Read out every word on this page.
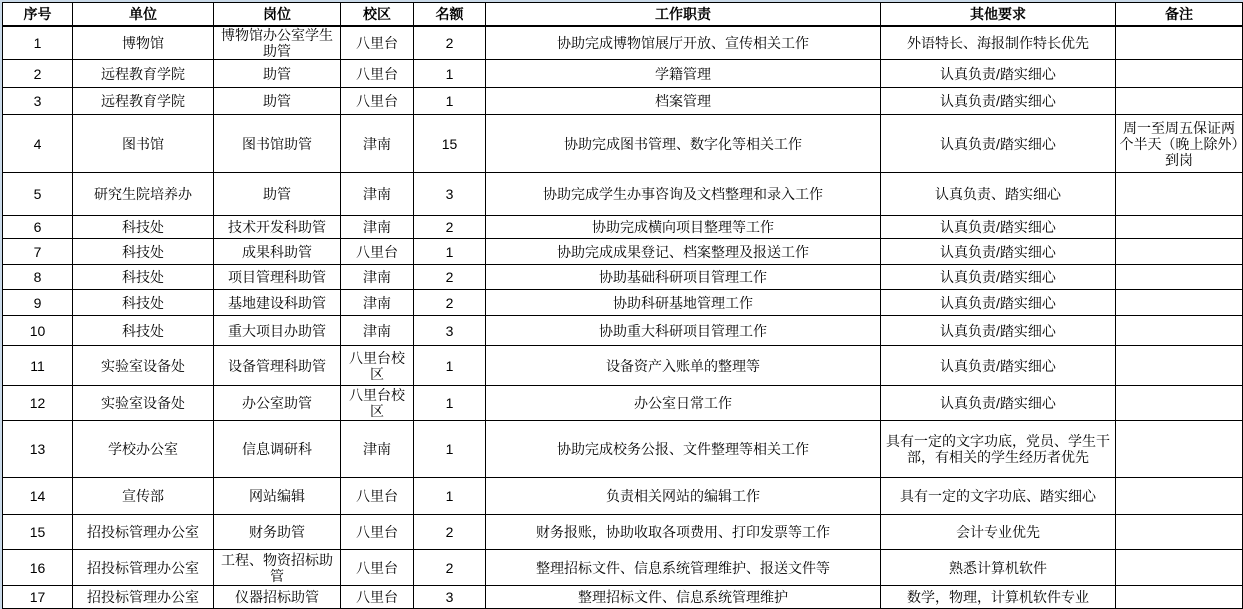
序号	单位	岗位	校区	名额	工作职责	其他要求	备注
1	博物馆	博物馆办公室学生助管	八里台	2	协助完成博物馆展厅开放、宣传相关工作	外语特长、海报制作特长优先	
2	远程教育学院	助管	八里台	1	学籍管理	认真负责/踏实细心	
3	远程教育学院	助管	八里台	1	档案管理	认真负责/踏实细心	
4	图书馆	图书馆助管	津南	15	协助完成图书管理、数字化等相关工作	认真负责/踏实细心	周一至周五保证两个半天（晚上除外）到岗
5	研究生院培养办	助管	津南	3	协助完成学生办事咨询及文档整理和录入工作	认真负责、踏实细心	
6	科技处	技术开发科助管	津南	2	协助完成横向项目整理等工作	认真负责/踏实细心	
7	科技处	成果科助管	八里台	1	协助完成成果登记、档案整理及报送工作	认真负责/踏实细心	
8	科技处	项目管理科助管	津南	2	协助基础科研项目管理工作	认真负责/踏实细心	
9	科技处	基地建设科助管	津南	2	协助科研基地管理工作	认真负责/踏实细心	
10	科技处	重大项目办助管	津南	3	协助重大科研项目管理工作	认真负责/踏实细心	
11	实验室设备处	设备管理科助管	八里台校区	1	设备资产入账单的整理等	认真负责/踏实细心	
12	实验室设备处	办公室助管	八里台校区	1	办公室日常工作	认真负责/踏实细心	
13	学校办公室	信息调研科	津南	1	协助完成校务公报、文件整理等相关工作	具有一定的文字功底，党员、学生干部，有相关的学生经历者优先	
14	宣传部	网站编辑	八里台	1	负责相关网站的编辑工作	具有一定的文字功底、踏实细心	
15	招投标管理办公室	财务助管	八里台	2	财务报账，协助收取各项费用、打印发票等工作	会计专业优先	
16	招投标管理办公室	工程、物资招标助管	八里台	2	整理招标文件、信息系统管理维护、报送文件等	熟悉计算机软件	
17	招投标管理办公室	仪器招标助管	八里台	3	整理招标文件、信息系统管理维护	数学，物理，计算机软件专业	
